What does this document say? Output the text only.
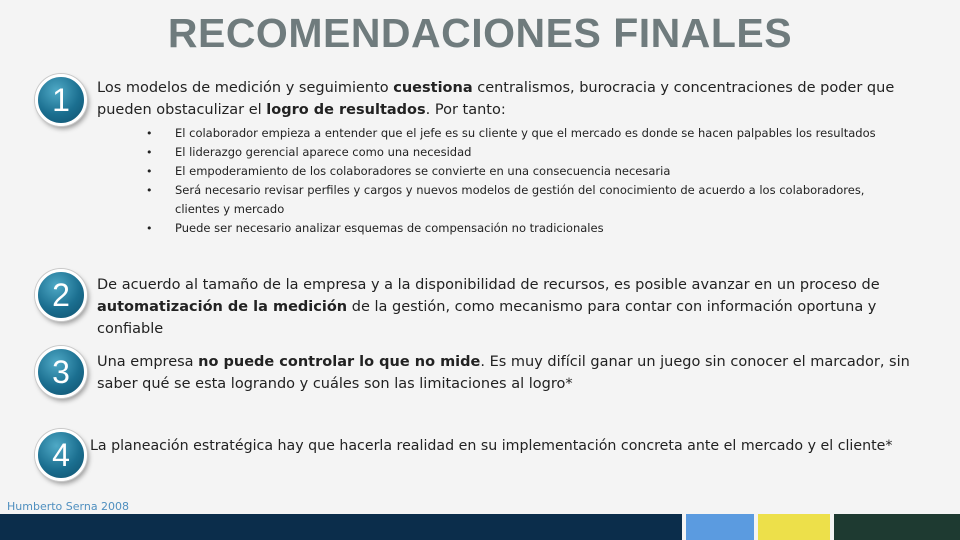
RECOMENDACIONES FINALES
1	Los modelos de medición y seguimiento cuestiona centralismos, burocracia y concentraciones de poder que pueden obstaculizar el logro de resultados. Por tanto:
• El colaborador empieza a entender que el jefe es su cliente y que el mercado es donde se hacen palpables los resultados
• El liderazgo gerencial aparece como una necesidad
• El empoderamiento de los colaboradores se convierte en una consecuencia necesaria
• Será necesario revisar perfiles y cargos y nuevos modelos de gestión del conocimiento de acuerdo a los colaboradores, clientes y mercado
• Puede ser necesario analizar esquemas de compensación no tradicionales
2	De acuerdo al tamaño de la empresa y a la disponibilidad de recursos, es posible avanzar en un proceso de automatización de la medición de la gestión, como mecanismo para contar con información oportuna y confiable
3	Una empresa no puede controlar lo que no mide. Es muy difícil ganar un juego sin conocer el marcador, sin saber qué se esta logrando y cuáles son las limitaciones al logro*
4	La planeación estratégica hay que hacerla realidad en su implementación concreta ante el mercado y el cliente*
Humberto Serna 2008
